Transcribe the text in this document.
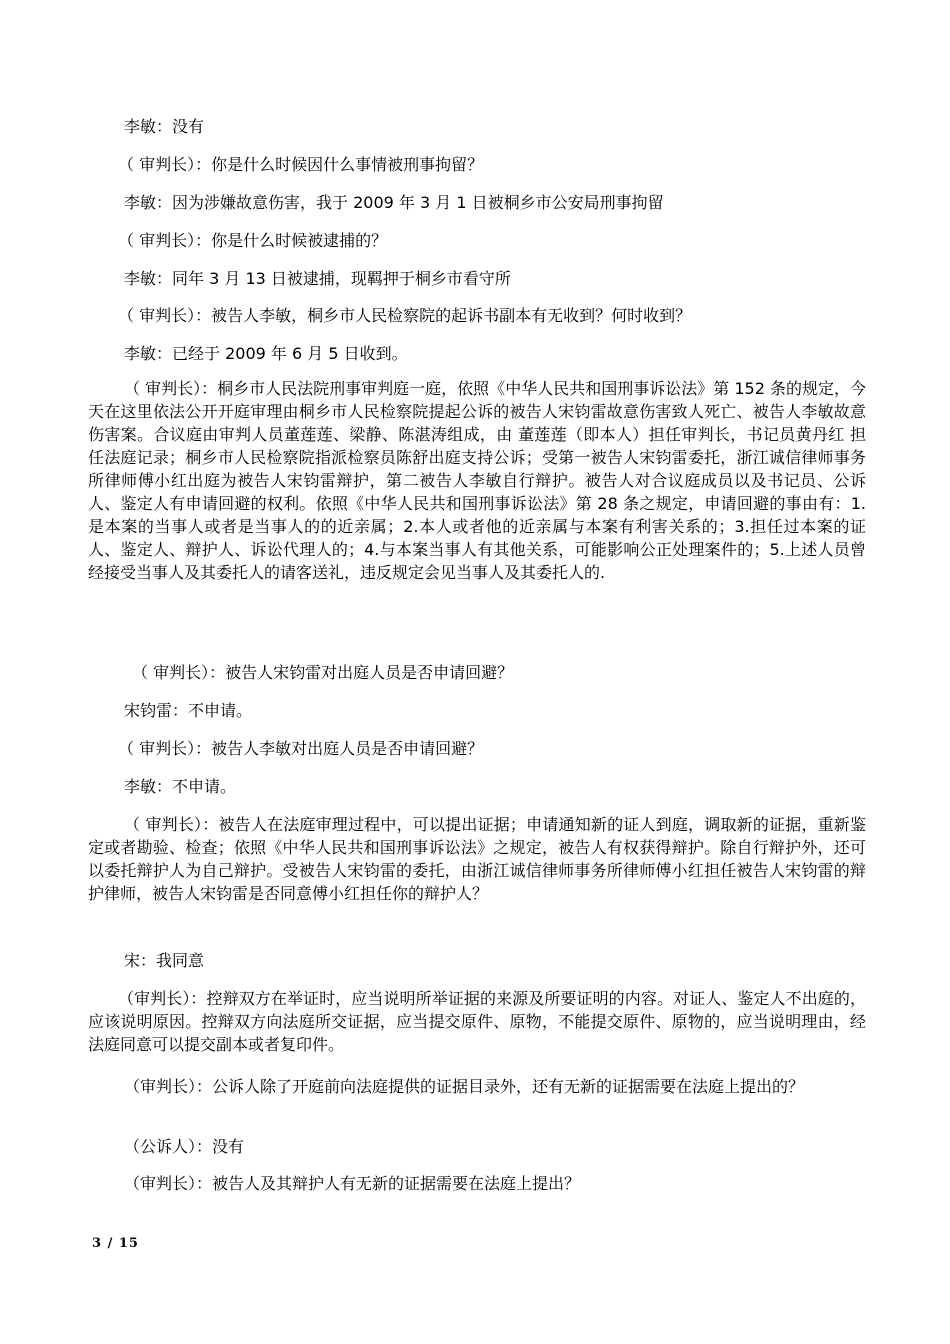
李敏：没有

（ 审判长）：你是什么时候因什么事情被刑事拘留？

李敏：因为涉嫌故意伤害，我于 2009 年 3 月 1 日被桐乡市公安局刑事拘留

（ 审判长）：你是什么时候被逮捕的？

李敏：同年 3 月 13 日被逮捕，现羁押于桐乡市看守所

（ 审判长）：被告人李敏，桐乡市人民检察院的起诉书副本有无收到？何时收到？

李敏：已经于 2009 年 6 月 5 日收到。

（ 审判长）：桐乡市人民法院刑事审判庭一庭，依照《中华人民共和国刑事诉讼法》第 152 条的规定，今天在这里依法公开开庭审理由桐乡市人民检察院提起公诉的被告人宋钧雷故意伤害致人死亡、被告人李敏故意伤害案。合议庭由审判人员董莲莲、梁静、陈湛涛组成，由 董莲莲（即本人）担任审判长，书记员黄丹红 担任法庭记录；桐乡市人民检察院指派检察员陈舒出庭支持公诉；受第一被告人宋钧雷委托，浙江诚信律师事务所律师傅小红出庭为被告人宋钧雷辩护，第二被告人李敏自行辩护。被告人对合议庭成员以及书记员、公诉人、鉴定人有申请回避的权利。依照《中华人民共和国刑事诉讼法》第 28 条之规定，申请回避的事由有：1.是本案的当事人或者是当事人的的近亲属；2.本人或者他的近亲属与本案有利害关系的；3.担任过本案的证人、鉴定人、辩护人、诉讼代理人的；4.与本案当事人有其他关系，可能影响公正处理案件的；5.上述人员曾经接受当事人及其委托人的请客送礼，违反规定会见当事人及其委托人的.

（ 审判长）：被告人宋钧雷对出庭人员是否申请回避？

宋钧雷：不申请。

（ 审判长）：被告人李敏对出庭人员是否申请回避？

李敏：不申请。

（ 审判长）：被告人在法庭审理过程中，可以提出证据；申请通知新的证人到庭，调取新的证据，重新鉴定或者勘验、检查；依照《中华人民共和国刑事诉讼法》之规定，被告人有权获得辩护。除自行辩护外，还可以委托辩护人为自己辩护。受被告人宋钧雷的委托，由浙江诚信律师事务所律师傅小红担任被告人宋钧雷的辩护律师，被告人宋钧雷是否同意傅小红担任你的辩护人？

宋：我同意

（审判长）：控辩双方在举证时，应当说明所举证据的来源及所要证明的内容。对证人、鉴定人不出庭的，应该说明原因。控辩双方向法庭所交证据，应当提交原件、原物，不能提交原件、原物的，应当说明理由，经法庭同意可以提交副本或者复印件。

（审判长）：公诉人除了开庭前向法庭提供的证据目录外，还有无新的证据需要在法庭上提出的？

（公诉人）：没有

（审判长）：被告人及其辩护人有无新的证据需要在法庭上提出？

3 / 15
